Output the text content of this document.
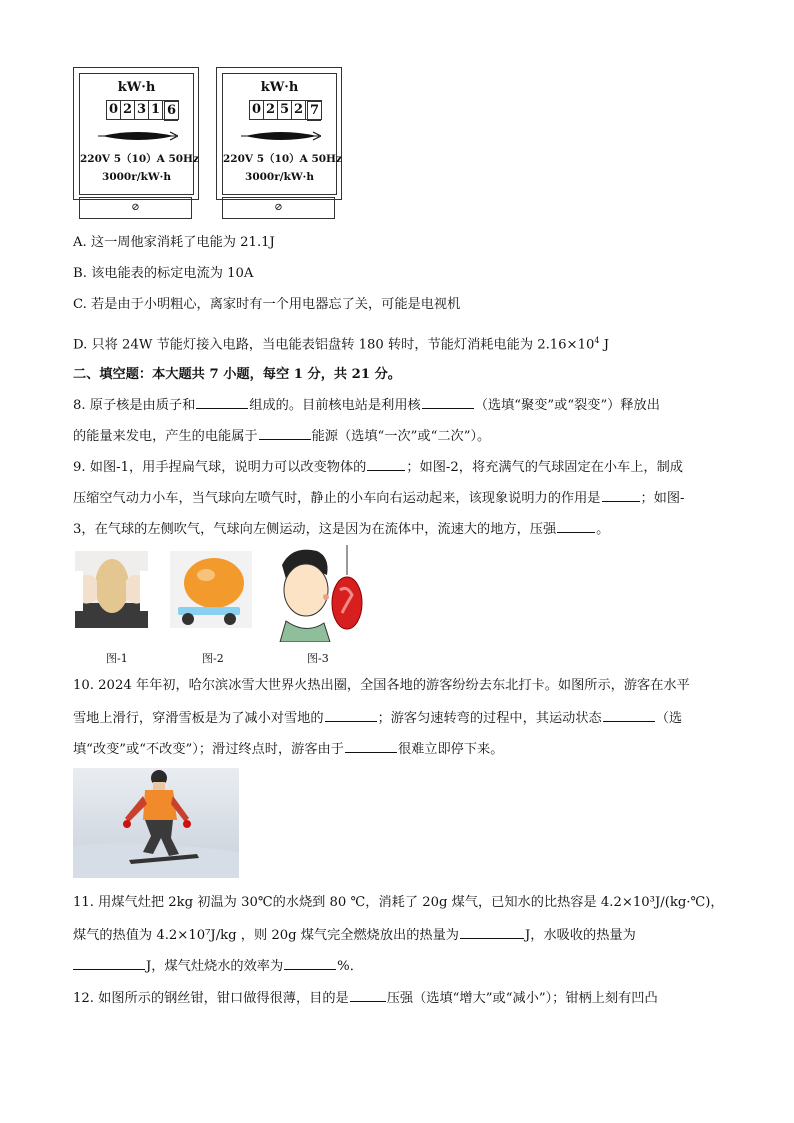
kW·h
0 2 3 1 6
220V 5（10）A 50Hz
3000r/kW·h
⊘
kW·h
0 2 5 2 7
220V 5（10）A 50Hz
3000r/kW·h
⊘
A. 这一周他家消耗了电能为 21.1J
B. 该电能表的标定电流为 10A
C. 若是由于小明粗心，离家时有一个用电器忘了关，可能是电视机
D. 只将 24W 节能灯接入电路，当电能表铝盘转 180 转时，节能灯消耗电能为 $2.16\times 10^4$ J
二、填空题：本大题共 7 小题，每空 1 分，共 21 分。
8. 原子核是由质子和	组成的。目前核电站是利用核	（选填“聚变”或“裂变”）释放出
的能量来发电，产生的电能属于	能源（选填“一次”或“二次”）。
9. 如图-1，用手捏扁气球，说明力可以改变物体的	；如图-2，将充满气的气球固定在小车上，制成
压缩空气动力小车，当气球向左喷气时，静止的小车向右运动起来，该现象说明力的作用是	；如图-
3，在气球的左侧吹气，气球向左侧运动，这是因为在流体中，流速大的地方，压强	。
图-1	图-2	图-3
10. 2024 年年初，哈尔滨冰雪大世界火热出圈，全国各地的游客纷纷去东北打卡。如图所示，游客在水平
雪地上滑行，穿滑雪板是为了减小对雪地的	；游客匀速转弯的过程中，其运动状态	（选
填“改变”或“不改变”）；滑过终点时，游客由于	很难立即停下来。
11. 用煤气灶把 2kg 初温为 30℃的水烧到 80 ℃，消耗了 20g 煤气，已知水的比热容是 4.2×10³J/(kg·℃)，
煤气的热值为 4.2×10⁷J/kg ，则 20g 煤气完全燃烧放出的热量为	J，水吸收的热量为
J，煤气灶烧水的效率为	%．
12. 如图所示的钢丝钳，钳口做得很薄，目的是	压强（选填“增大”或“减小”）；钳柄上刻有凹凸
